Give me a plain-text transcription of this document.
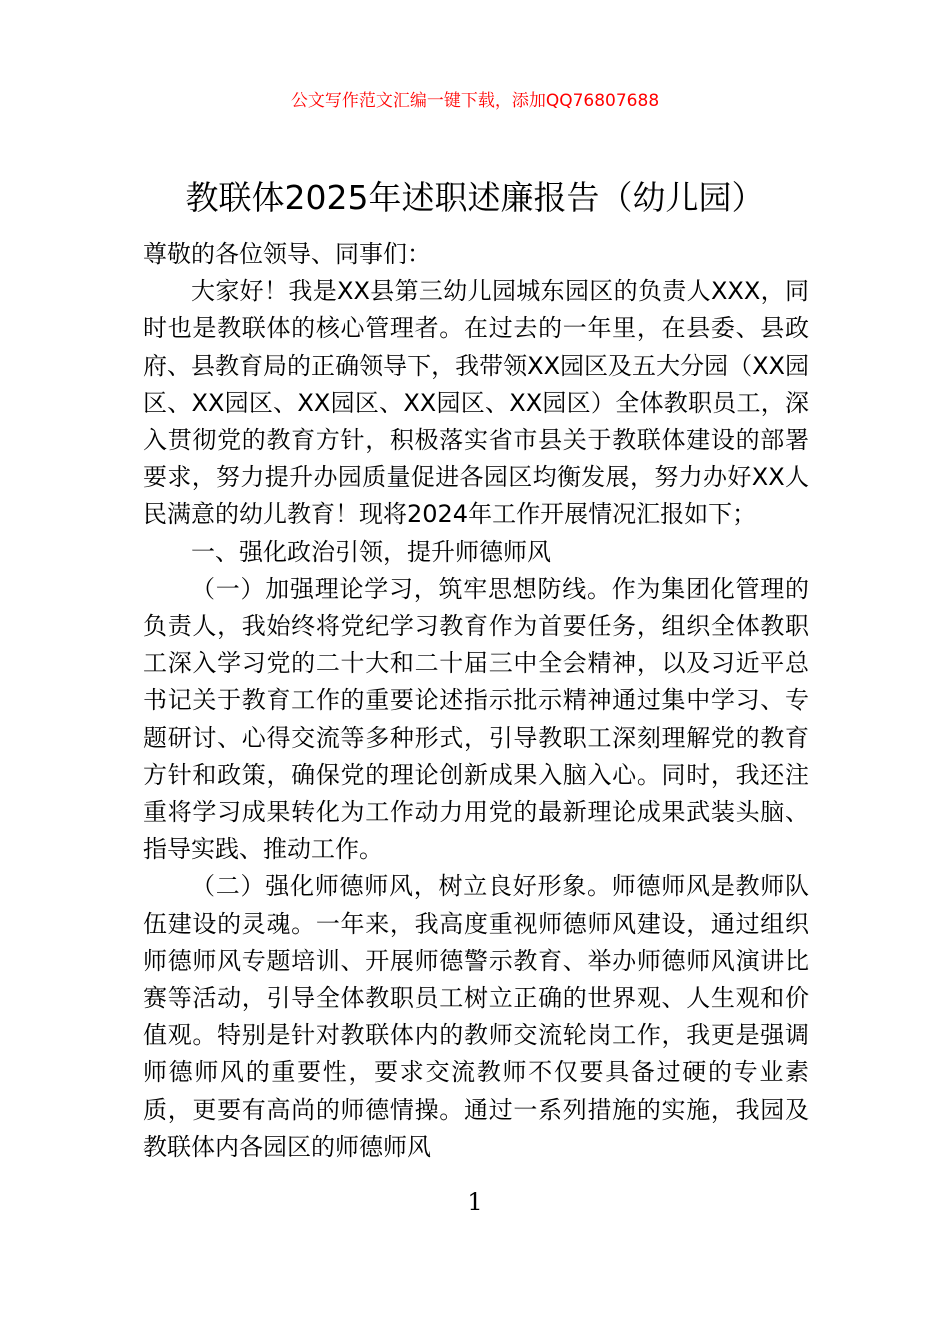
公文写作范文汇编一键下载，添加QQ76807688
教联体2025年述职述廉报告（幼儿园）

尊敬的各位领导、同事们：

大家好！我是XX县第三幼儿园城东园区的负责人XXX，同时也是教联体的核心管理者。在过去的一年里，在县委、县政府、县教育局的正确领导下，我带领XX园区及五大分园（XX园区、XX园区、XX园区、XX园区、XX园区）全体教职员工，深入贯彻党的教育方针，积极落实省市县关于教联体建设的部署要求，努力提升办园质量促进各园区均衡发展，努力办好XX人民满意的幼儿教育！现将2024年工作开展情况汇报如下；

一、强化政治引领，提升师德师风

（一）加强理论学习，筑牢思想防线。作为集团化管理的负责人，我始终将党纪学习教育作为首要任务，组织全体教职工深入学习党的二十大和二十届三中全会精神，以及习近平总书记关于教育工作的重要论述指示批示精神通过集中学习、专题研讨、心得交流等多种形式，引导教职工深刻理解党的教育方针和政策，确保党的理论创新成果入脑入心。同时，我还注重将学习成果转化为工作动力用党的最新理论成果武装头脑、指导实践、推动工作。

（二）强化师德师风，树立良好形象。师德师风是教师队伍建设的灵魂。一年来，我高度重视师德师风建设，通过组织师德师风专题培训、开展师德警示教育、举办师德师风演讲比赛等活动，引导全体教职员工树立正确的世界观、人生观和价值观。特别是针对教联体内的教师交流轮岗工作，我更是强调师德师风的重要性，要求交流教师不仅要具备过硬的专业素质，更要有高尚的师德情操。通过一系列措施的实施，我园及教联体内各园区的师德师风

1
